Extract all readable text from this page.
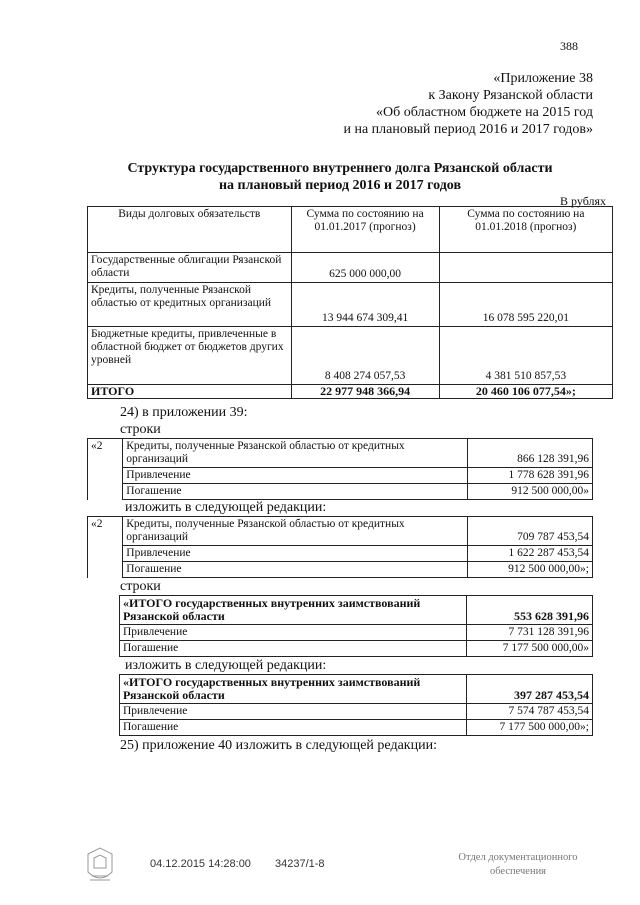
388
«Приложение 38
к Закону Рязанской области
«Об областном бюджете на 2015 год
и на плановый период 2016 и 2017 годов»
Структура государственного внутреннего долга Рязанской области
на плановый период 2016 и 2017 годов
В рублях
Виды долговых обязательств	Сумма по состоянию на 01.01.2017 (прогноз)	Сумма по состоянию на 01.01.2018 (прогноз)
Государственные облигации Рязанской области	625 000 000,00	
Кредиты, полученные Рязанской областью от кредитных организаций	13 944 674 309,41	16 078 595 220,01
Бюджетные кредиты, привлеченные в областной бюджет от бюджетов других уровней	8 408 274 057,53	4 381 510 857,53
ИТОГО	22 977 948 366,94	20 460 106 077,54»;
24) в приложении 39:
строки
«2	Кредиты, полученные Рязанской областью от кредитных организаций	866 128 391,96
	Привлечение	1 778 628 391,96
	Погашение	912 500 000,00»
изложить в следующей редакции:
«2	Кредиты, полученные Рязанской областью от кредитных организаций	709 787 453,54
	Привлечение	1 622 287 453,54
	Погашение	912 500 000,00»;
строки
«ИТОГО государственных внутренних заимствований Рязанской области	553 628 391,96
Привлечение	7 731 128 391,96
Погашение	7 177 500 000,00»
изложить в следующей редакции:
«ИТОГО государственных внутренних заимствований Рязанской области	397 287 453,54
Привлечение	7 574 787 453,54
Погашение	7 177 500 000,00»;
25) приложение 40 изложить в следующей редакции:
04.12.2015 14:28:00 34237/1-8
Отдел документационного обеспечения
